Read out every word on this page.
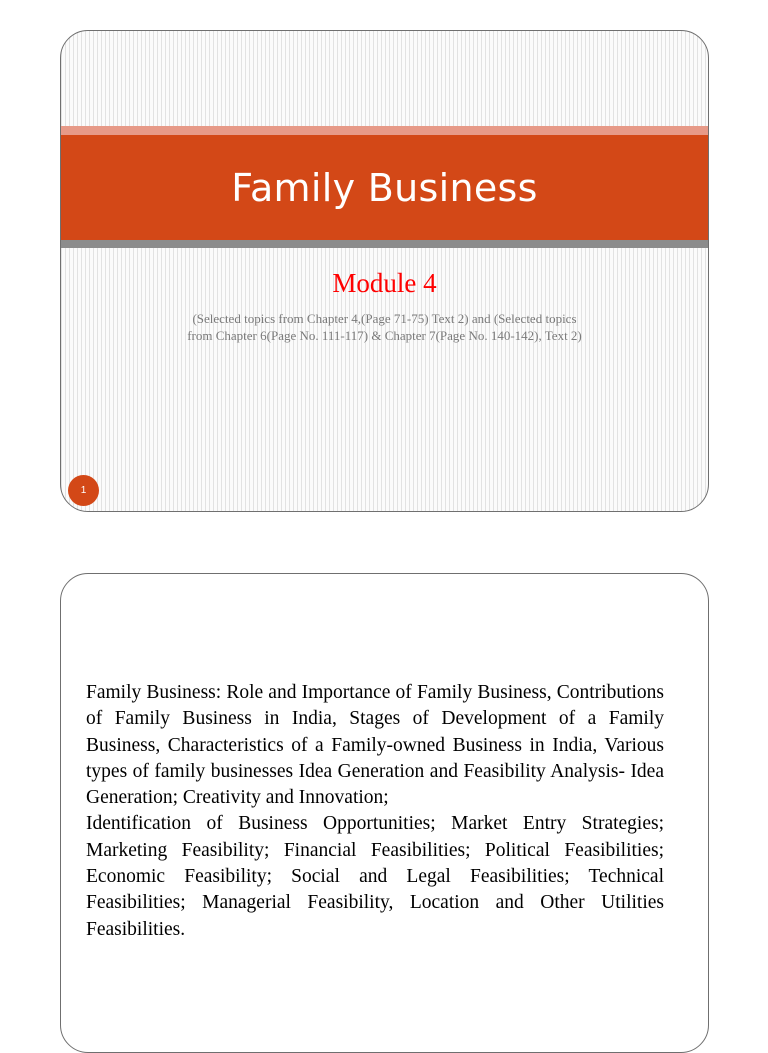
Family Business
Module 4
(Selected topics from Chapter 4,(Page 71-75) Text 2) and (Selected topics
from Chapter 6(Page No. 111-117) & Chapter 7(Page No. 140-142), Text 2)
1

Family Business: Role and Importance of Family Business, Contributions of Family Business in India, Stages of Development of a Family Business, Characteristics of a Family-owned Business in India, Various types of family businesses Idea Generation and Feasibility Analysis- Idea Generation; Creativity and Innovation;
Identification of Business Opportunities; Market Entry Strategies; Marketing Feasibility; Financial Feasibilities; Political Feasibilities; Economic Feasibility; Social and Legal Feasibilities; Technical Feasibilities; Managerial Feasibility, Location and Other Utilities Feasibilities.
